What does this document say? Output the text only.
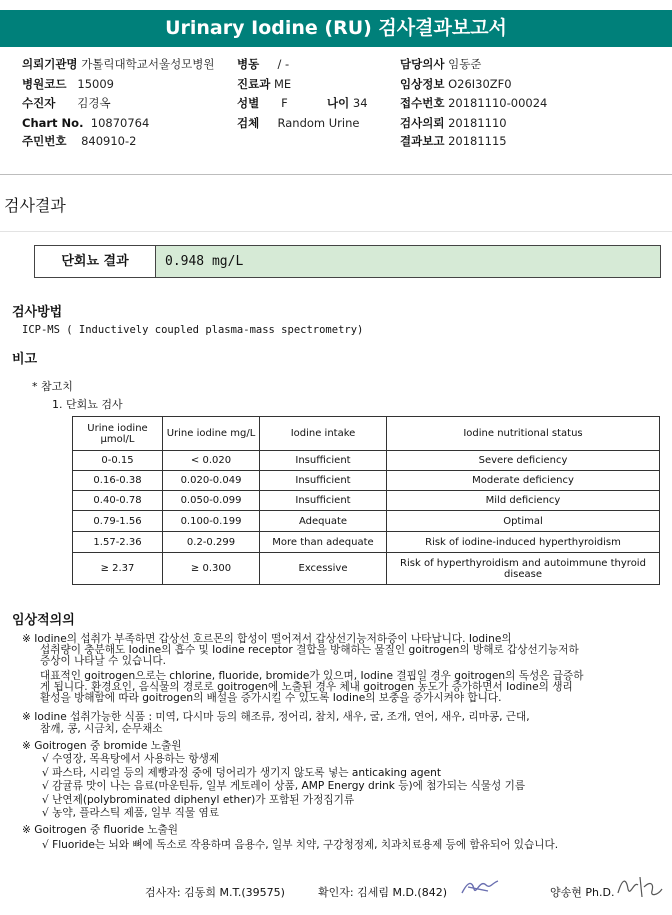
Urinary Iodine (RU) 검사결과보고서
의뢰기관명 가톨릭대학교서울성모병원 병동 / -	담당의사 임동준
병원코드 15009	진료과 ME	임상정보 O26I30ZF0
수진자 김경옥	성별 F	나이 34	접수번호 20181110-00024
Chart No. 10870764	검체 Random Urine	검사의뢰 20181110
주민번호 840910-2	결과보고 20181115
검사결과
단회뇨 결과	0.948 mg/L
검사방법
ICP-MS ( Inductively coupled plasma-mass spectrometry)
비고
* 참고치
1. 단회뇨 검사
Urine iodine μmol/L	Urine iodine mg/L	Iodine intake	Iodine nutritional status
0-0.15	< 0.020	Insufficient	Severe deficiency
0.16-0.38	0.020-0.049	Insufficient	Moderate deficiency
0.40-0.78	0.050-0.099	Insufficient	Mild deficiency
0.79-1.56	0.100-0.199	Adequate	Optimal
1.57-2.36	0.2-0.299	More than adequate	Risk of iodine-induced hyperthyroidism
≥ 2.37	≥ 0.300	Excessive	Risk of hyperthyroidism and autoimmune thyroid disease
임상적의의
※ Iodine의 섭취가 부족하면 갑상선 호르몬의 합성이 떨어져서 갑상선기능저하증이 나타납니다. Iodine의
섭취량이 충분해도 Iodine의 흡수 및 Iodine receptor 결합을 방해하는 물질인 goitrogen의 방해로 갑상선기능저하
증상이 나타날 수 있습니다.
대표적인 goitrogen으로는 chlorine, fluoride, bromide가 있으며, Iodine 결핍일 경우 goitrogen의 독성은 급증하
게 됩니다. 환경요인, 음식물의 경로로 goitrogen에 노출된 경우 체내 goitrogen 농도가 증가하면서 Iodine의 생리
활성을 방해함에 따라 goitrogen의 배설을 증가시킬 수 있도록 Iodine의 보충을 증가시켜야 합니다.
※ Iodine 섭취가능한 식품 : 미역, 다시마 등의 해조류, 정어리, 참치, 새우, 굴, 조개, 연어, 새우, 리마콩, 근대,
참깨, 콩, 시금치, 순무채소
※ Goitrogen 중 bromide 노출원
√ 수영장, 목욕탕에서 사용하는 항생제
√ 파스타, 시리얼 등의 제빵과정 중에 덩어리가 생기지 않도록 넣는 anticaking agent
√ 감귤류 맛이 나는 음료(마운틴듀, 일부 게토레이 상품, AMP Energy drink 등)에 첨가되는 식물성 기름
√ 난연제(polybrominated diphenyl ether)가 포함된 가정집기류
√ 농약, 플라스틱 제품, 일부 직물 염료
※ Goitrogen 중 fluoride 노출원
√ Fluoride는 뇌와 뼈에 독소로 작용하며 음용수, 일부 치약, 구강청정제, 치과치료용제 등에 함유되어 있습니다.
검사자: 김동희 M.T.(39575)	확인자: 김세림 M.D.(842)	양송현 Ph.D.
